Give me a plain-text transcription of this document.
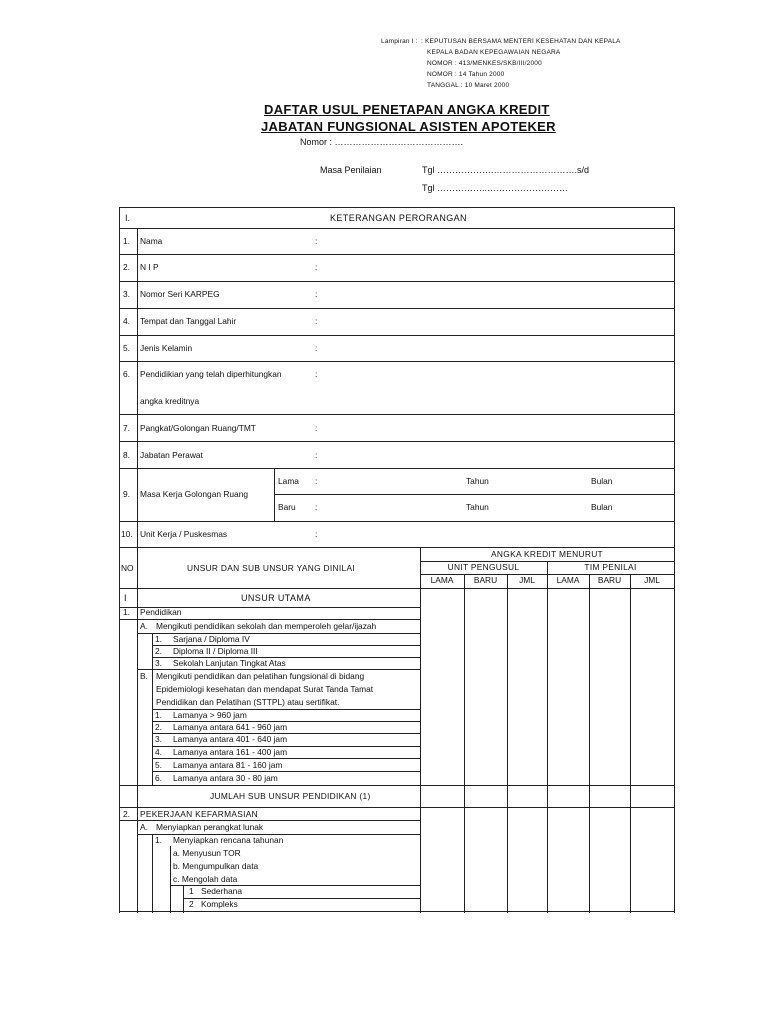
Lampiran I : : KEPUTUSAN BERSAMA MENTERI KESEHATAN DAN KEPALA
KEPALA BADAN KEPEGAWAIAN NEGARA
NOMOR : 413/MENKES/SKB/III/2000
NOMOR : 14 Tahun 2000
TANGGAL : 10 Maret 2000
DAFTAR USUL PENETAPAN ANGKA KREDIT
JABATAN FUNGSIONAL ASISTEN APOTEKER
Nomor : …………………………………….
Masa Penilaian	Tgl ……………….……………………….s/d
Tgl ……………..………………………
I.	KETERANGAN PERORANGAN
1. Nama	:
2. N I P	:
3. Nomor Seri KARPEG	:
4. Tempat dan Tanggal Lahir	:
5. Jenis Kelamin	:
6. Pendidikian yang telah diperhitungkan	:
angka kreditnya
7. Pangkat/Golongan Ruang/TMT	:
8. Jabatan Perawat	:
9. Masa Kerja Golongan Ruang
Lama :	Tahun	Bulan
Baru :	Tahun	Bulan
10. Unit Kerja / Puskesmas	:
NO	UNSUR DAN SUB UNSUR YANG DINILAI
ANGKA KREDIT MENURUT
UNIT PENGUSUL	TIM PENILAI
LAMA	BARU	JML	LAMA	BARU	JML
I	UNSUR UTAMA
1. Pendidikan
A. Mengikuti pendidikan sekolah dan memperoleh gelar/ijazah
1. Sarjana / Diploma IV
2. Diploma II / Diploma III
3. Sekolah Lanjutan Tingkat Atas
B. Mengikuti pendidikan dan pelatihan fungsional di bidang
Epidemiologi kesehatan dan mendapat Surat Tanda Tamat
Pendidikan dan Pelatihan (STTPL) atau sertifikat.
1. Lamanya > 960 jam
2. Lamanya antara 641 - 960 jam
3. Lamanya antara 401 - 640 jam
4. Lamanya antara 161 - 400 jam
5. Lamanya antara 81 - 160 jam
6. Lamanya antara 30 - 80 jam
JUMLAH SUB UNSUR PENDIDIKAN (1)
2. PEKERJAAN KEFARMASIAN
A. Menyiapkan perangkat lunak
1. Menyiapkan rencana tahunan
a. Menyusun TOR
b. Mengumpulkan data
c. Mengolah data
1 Sederhana
2 Kompleks
